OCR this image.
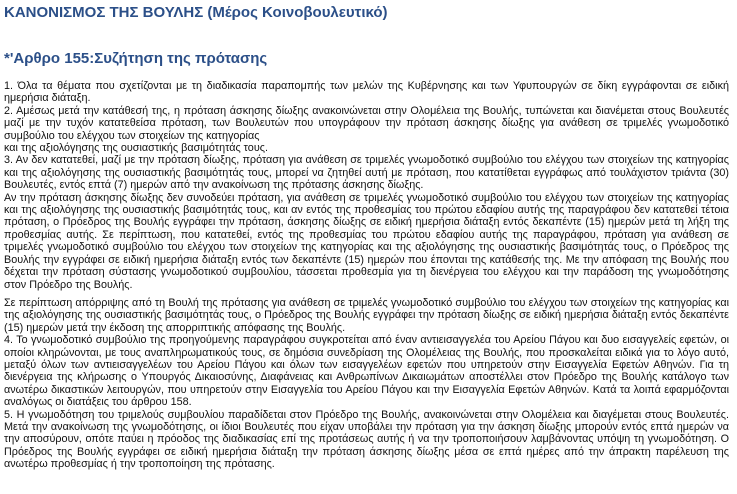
ΚΑΝΟΝΙΣΜΟΣ ΤΗΣ ΒΟΥΛΗΣ (Μέρος Κοινοβουλευτικό)
*'Αρθρο 155:Συζήτηση της πρότασης

1. Όλα τα θέματα που σχετίζονται με τη διαδικασία παραπομπής των μελών της Κυβέρνησης και των Υφυπουργών σε δίκη εγγράφονται σε ειδική ημερήσια διάταξη.

2. Αμέσως μετά την κατάθεσή της, η πρόταση άσκησης δίωξης ανακοινώνεται στην Ολομέλεια της Βουλής, τυπώνεται και διανέμεται στους Βουλευτές μαζί με την τυχόν κατατεθείσα πρόταση, των Βουλευτών που υπογράφουν την πρόταση άσκησης δίωξης για ανάθεση σε τριμελές γνωμοδοτικό συμβούλιο του ελέγχου των στοιχείων της κατηγορίας

και της αξιολόγησης της ουσιαστικής βασιμότητάς τους.

3. Αν δεν κατατεθεί, μαζί με την πρόταση δίωξης, πρόταση για ανάθεση σε τριμελές γνωμοδοτικό συμβούλιο του ελέγχου των στοιχείων της κατηγορίας και της αξιολόγησης της ουσιαστικής βασιμότητάς τους, μπορεί να ζητηθεί αυτή με πρόταση, που κατατίθεται εγγράφως από τουλάχιστον τριάντα (30) Βουλευτές, εντός επτά (7) ημερών από την ανακοίνωση της πρότασης άσκησης δίωξης.

Αν την πρόταση άσκησης δίωξης δεν συνοδεύει πρόταση, για ανάθεση σε τριμελές γνωμοδοτικό συμβούλιο του ελέγχου των στοιχείων της κατηγορίας και της αξιολόγησης της ουσιαστικής βασιμότητάς τους, και αν εντός της προθεσμίας του πρώτου εδαφίου αυτής της παραγράφου δεν κατατεθεί τέτοια πρόταση, ο Πρόεδρος της Βουλής εγγράφει την πρόταση, άσκησης δίωξης σε ειδική ημερήσια διάταξη εντός δεκαπέντε (15) ημερών μετά τη λήξη της προθεσμίας αυτής. Σε περίπτωση, που κατατεθεί, εντός της προθεσμίας του πρώτου εδαφίου αυτής της παραγράφου, πρόταση για ανάθεση σε τριμελές γνωμοδοτικό συμβούλιο του ελέγχου των στοιχείων της κατηγορίας και της αξιολόγησης της ουσιαστικής βασιμότητάς τους, ο Πρόεδρος της Βουλής την εγγράφει σε ειδική ημερήσια διάταξη εντός των δεκαπέντε (15) ημερών που έπονται της κατάθεσής της. Με την απόφαση της Βουλής που δέχεται την πρόταση σύστασης γνωμοδοτικού συμβουλίου, τάσσεται προθεσμία για τη διενέργεια του ελέγχου και την παράδοση της γνωμοδότησης στον Πρόεδρο της Βουλής.

Σε περίπτωση απόρριψης από τη Βουλή της πρότασης για ανάθεση σε τριμελές γνωμοδοτικό συμβούλιο του ελέγχου των στοιχείων της κατηγορίας και της αξιολόγησης της ουσιαστικής βασιμότητάς τους, ο Πρόεδρος της Βουλής εγγράφει την πρόταση δίωξης σε ειδική ημερήσια διάταξη εντός δεκαπέντε (15) ημερών μετά την έκδοση της απορριπτικής απόφασης της Βουλής.

4. Το γνωμοδοτικό συμβούλιο της προηγούμενης παραγράφου συγκροτείται από έναν αντιεισαγγελέα του Αρείου Πάγου και δυο εισαγγελείς εφετών, οι οποίοι κληρώνονται, με τους αναπληρωματικούς τους, σε δημόσια συνεδρίαση της Ολομέλειας της Βουλής, που προσκαλείται ειδικά για το λόγο αυτό, μεταξύ όλων των αντιεισαγγελέων του Αρείου Πάγου και όλων των εισαγγελέων εφετών που υπηρετούν στην Εισαγγελία Εφετών Αθηνών. Για τη διενέργεια της κλήρωσης ο Υπουργός Δικαιοσύνης, Διαφάνειας και Ανθρωπίνων Δικαιωμάτων αποστέλλει στον Πρόεδρο της Βουλής κατάλογο των ανωτέρω δικαστικών λειτουργών, που υπηρετούν στην Εισαγγελία του Αρείου Πάγου και την Εισαγγελία Εφετών Αθηνών. Κατά τα λοιπά εφαρμόζονται αναλόγως οι διατάξεις του άρθρου 158.

5. Η γνωμοδότηση του τριμελούς συμβουλίου παραδίδεται στον Πρόεδρο της Βουλής, ανακοινώνεται στην Ολομέλεια και διαγέμεται στους Βουλευτές. Μετά την ανακοίνωση της γνωμοδότησης, οι ίδιοι Βουλευτές που είχαν υποβάλει την πρόταση για την άσκηση δίωξης μπορούν εντός επτά ημερών να την αποσύρουν, οπότε παύει η πρόοδος της διαδικασίας επί της προτάσεως αυτής ή να την τροποποιήσουν λαμβάνοντας υπόψη τη γνωμοδότηση. Ο Πρόεδρος της Βουλής εγγράφει σε ειδική ημερήσια διάταξη την πρόταση άσκησης δίωξης μέσα σε επτά ημέρες από την άπρακτη παρέλευση της ανωτέρω προθεσμίας ή την τροποποίηση της πρότασης.
